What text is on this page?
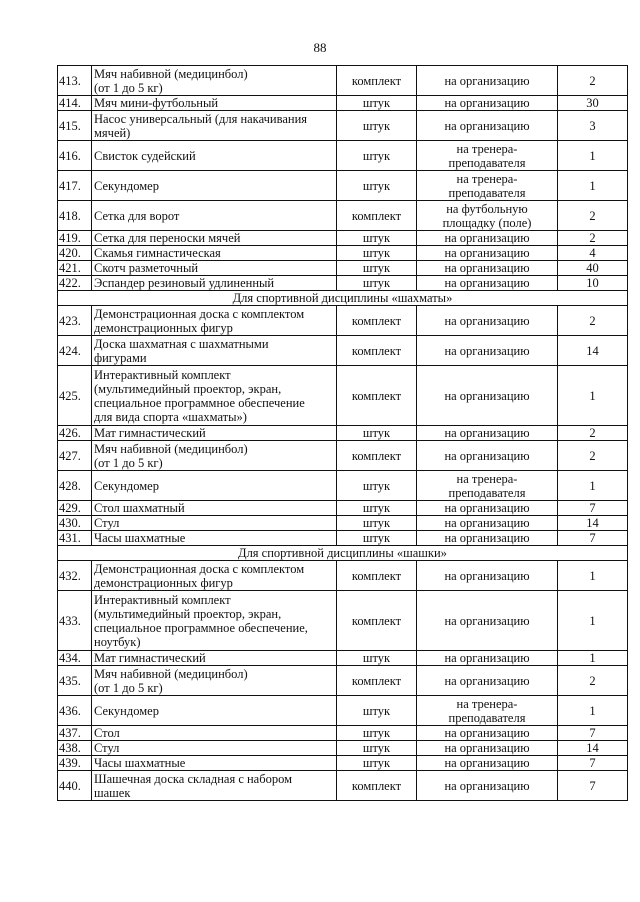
88
413.	Мяч набивной (медицинбол)
(от 1 до 5 кг)	комплект	на организацию	2
414.	Мяч мини-футбольный	штук	на организацию	30
415.	Насос универсальный (для накачивания
мячей)	штук	на организацию	3
416.	Свисток судейский	штук	на тренера-
преподавателя	1
417.	Секундомер	штук	на тренера-
преподавателя	1
418.	Сетка для ворот	комплект	на футбольную
площадку (поле)	2
419.	Сетка для переноски мячей	штук	на организацию	2
420.	Скамья гимнастическая	штук	на организацию	4
421.	Скотч разметочный	штук	на организацию	40
422.	Эспандер резиновый удлиненный	штук	на организацию	10
Для спортивной дисциплины «шахматы»				
423.	Демонстрационная доска с комплектом
демонстрационных фигур	комплект	на организацию	2
424.	Доска шахматная с шахматными
фигурами	комплект	на организацию	14
425.	Интерактивный комплект
(мультимедийный проектор, экран,
специальное программное обеспечение
для вида спорта «шахматы»)	комплект	на организацию	1
426.	Мат гимнастический	штук	на организацию	2
427.	Мяч набивной (медицинбол)
(от 1 до 5 кг)	комплект	на организацию	2
428.	Секундомер	штук	на тренера-
преподавателя	1
429.	Стол шахматный	штук	на организацию	7
430.	Стул	штук	на организацию	14
431.	Часы шахматные	штук	на организацию	7
Для спортивной дисциплины «шашки»				
432.	Демонстрационная доска с комплектом
демонстрационных фигур	комплект	на организацию	1
433.	Интерактивный комплект
(мультимедийный проектор, экран,
специальное программное обеспечение,
ноутбук)	комплект	на организацию	1
434.	Мат гимнастический	штук	на организацию	1
435.	Мяч набивной (медицинбол)
(от 1 до 5 кг)	комплект	на организацию	2
436.	Секундомер	штук	на тренера-
преподавателя	1
437.	Стол	штук	на организацию	7
438.	Стул	штук	на организацию	14
439.	Часы шахматные	штук	на организацию	7
440.	Шашечная доска складная с набором
шашек	комплект	на организацию	7
